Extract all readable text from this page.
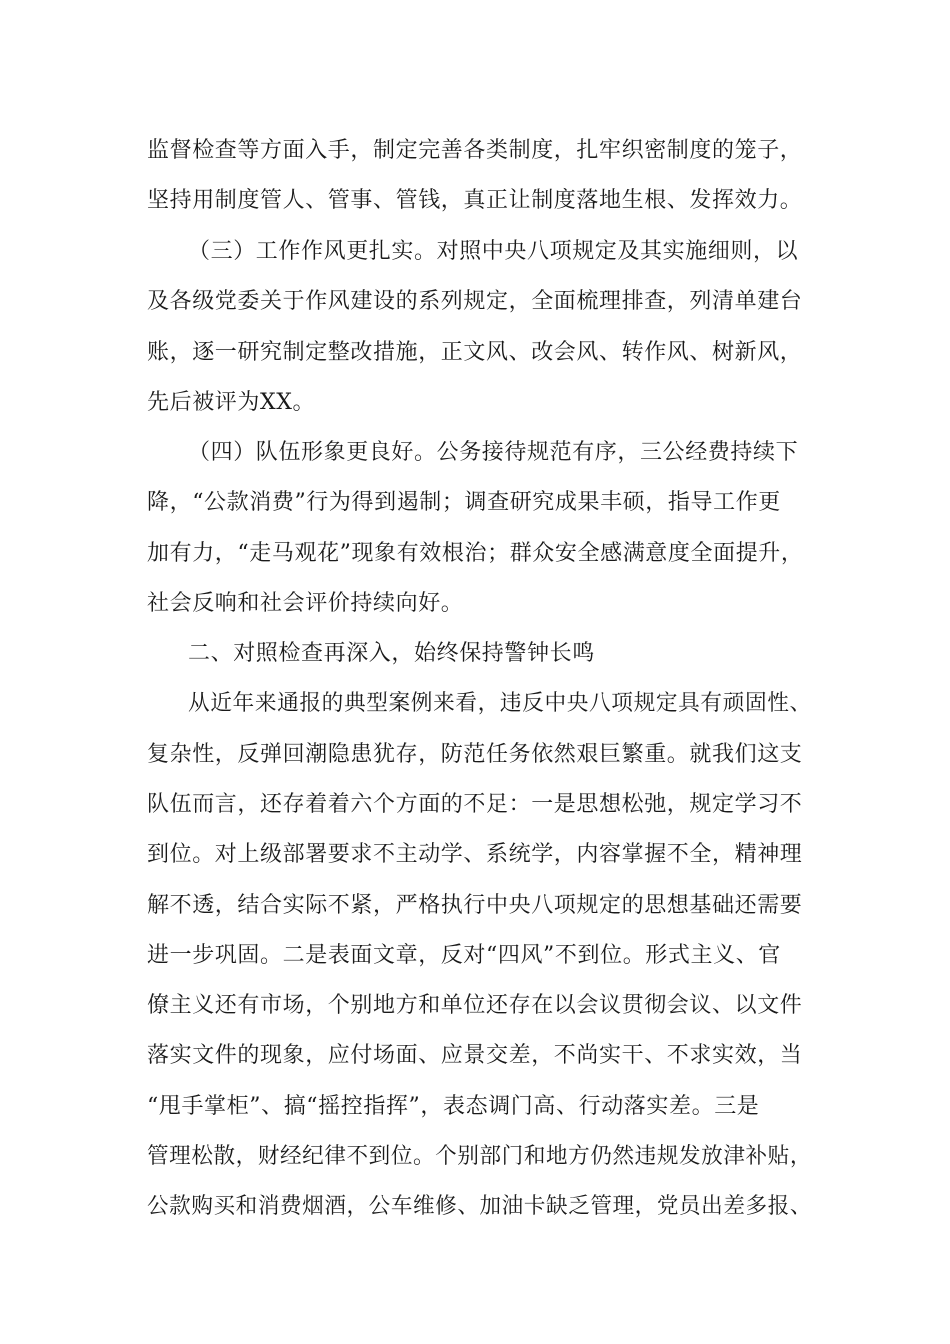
监督检查等方面入手，制定完善各类制度，扎牢织密制度的笼子，

坚持用制度管人、管事、管钱，真正让制度落地生根、发挥效力。

（三）工作作风更扎实。对照中央八项规定及其实施细则，以

及各级党委关于作风建设的系列规定，全面梳理排查，列清单建台

账，逐一研究制定整改措施，正文风、改会风、转作风、树新风，

先后被评为XX。

（四）队伍形象更良好。公务接待规范有序，三公经费持续下

降，“公款消费”行为得到遏制；调查研究成果丰硕，指导工作更

加有力，“走马观花”现象有效根治；群众安全感满意度全面提升，

社会反响和社会评价持续向好。

二、对照检查再深入，始终保持警钟长鸣

从近年来通报的典型案例来看，违反中央八项规定具有顽固性、

复杂性，反弹回潮隐患犹存，防范任务依然艰巨繁重。就我们这支

队伍而言，还存着着六个方面的不足：一是思想松弛，规定学习不

到位。对上级部署要求不主动学、系统学，内容掌握不全，精神理

解不透，结合实际不紧，严格执行中央八项规定的思想基础还需要

进一步巩固。二是表面文章，反对“四风”不到位。形式主义、官

僚主义还有市场，个别地方和单位还存在以会议贯彻会议、以文件

落实文件的现象，应付场面、应景交差，不尚实干、不求实效，当

“甩手掌柜”、搞“摇控指挥”，表态调门高、行动落实差。三是

管理松散，财经纪律不到位。个别部门和地方仍然违规发放津补贴，

公款购买和消费烟酒，公车维修、加油卡缺乏管理，党员出差多报、
